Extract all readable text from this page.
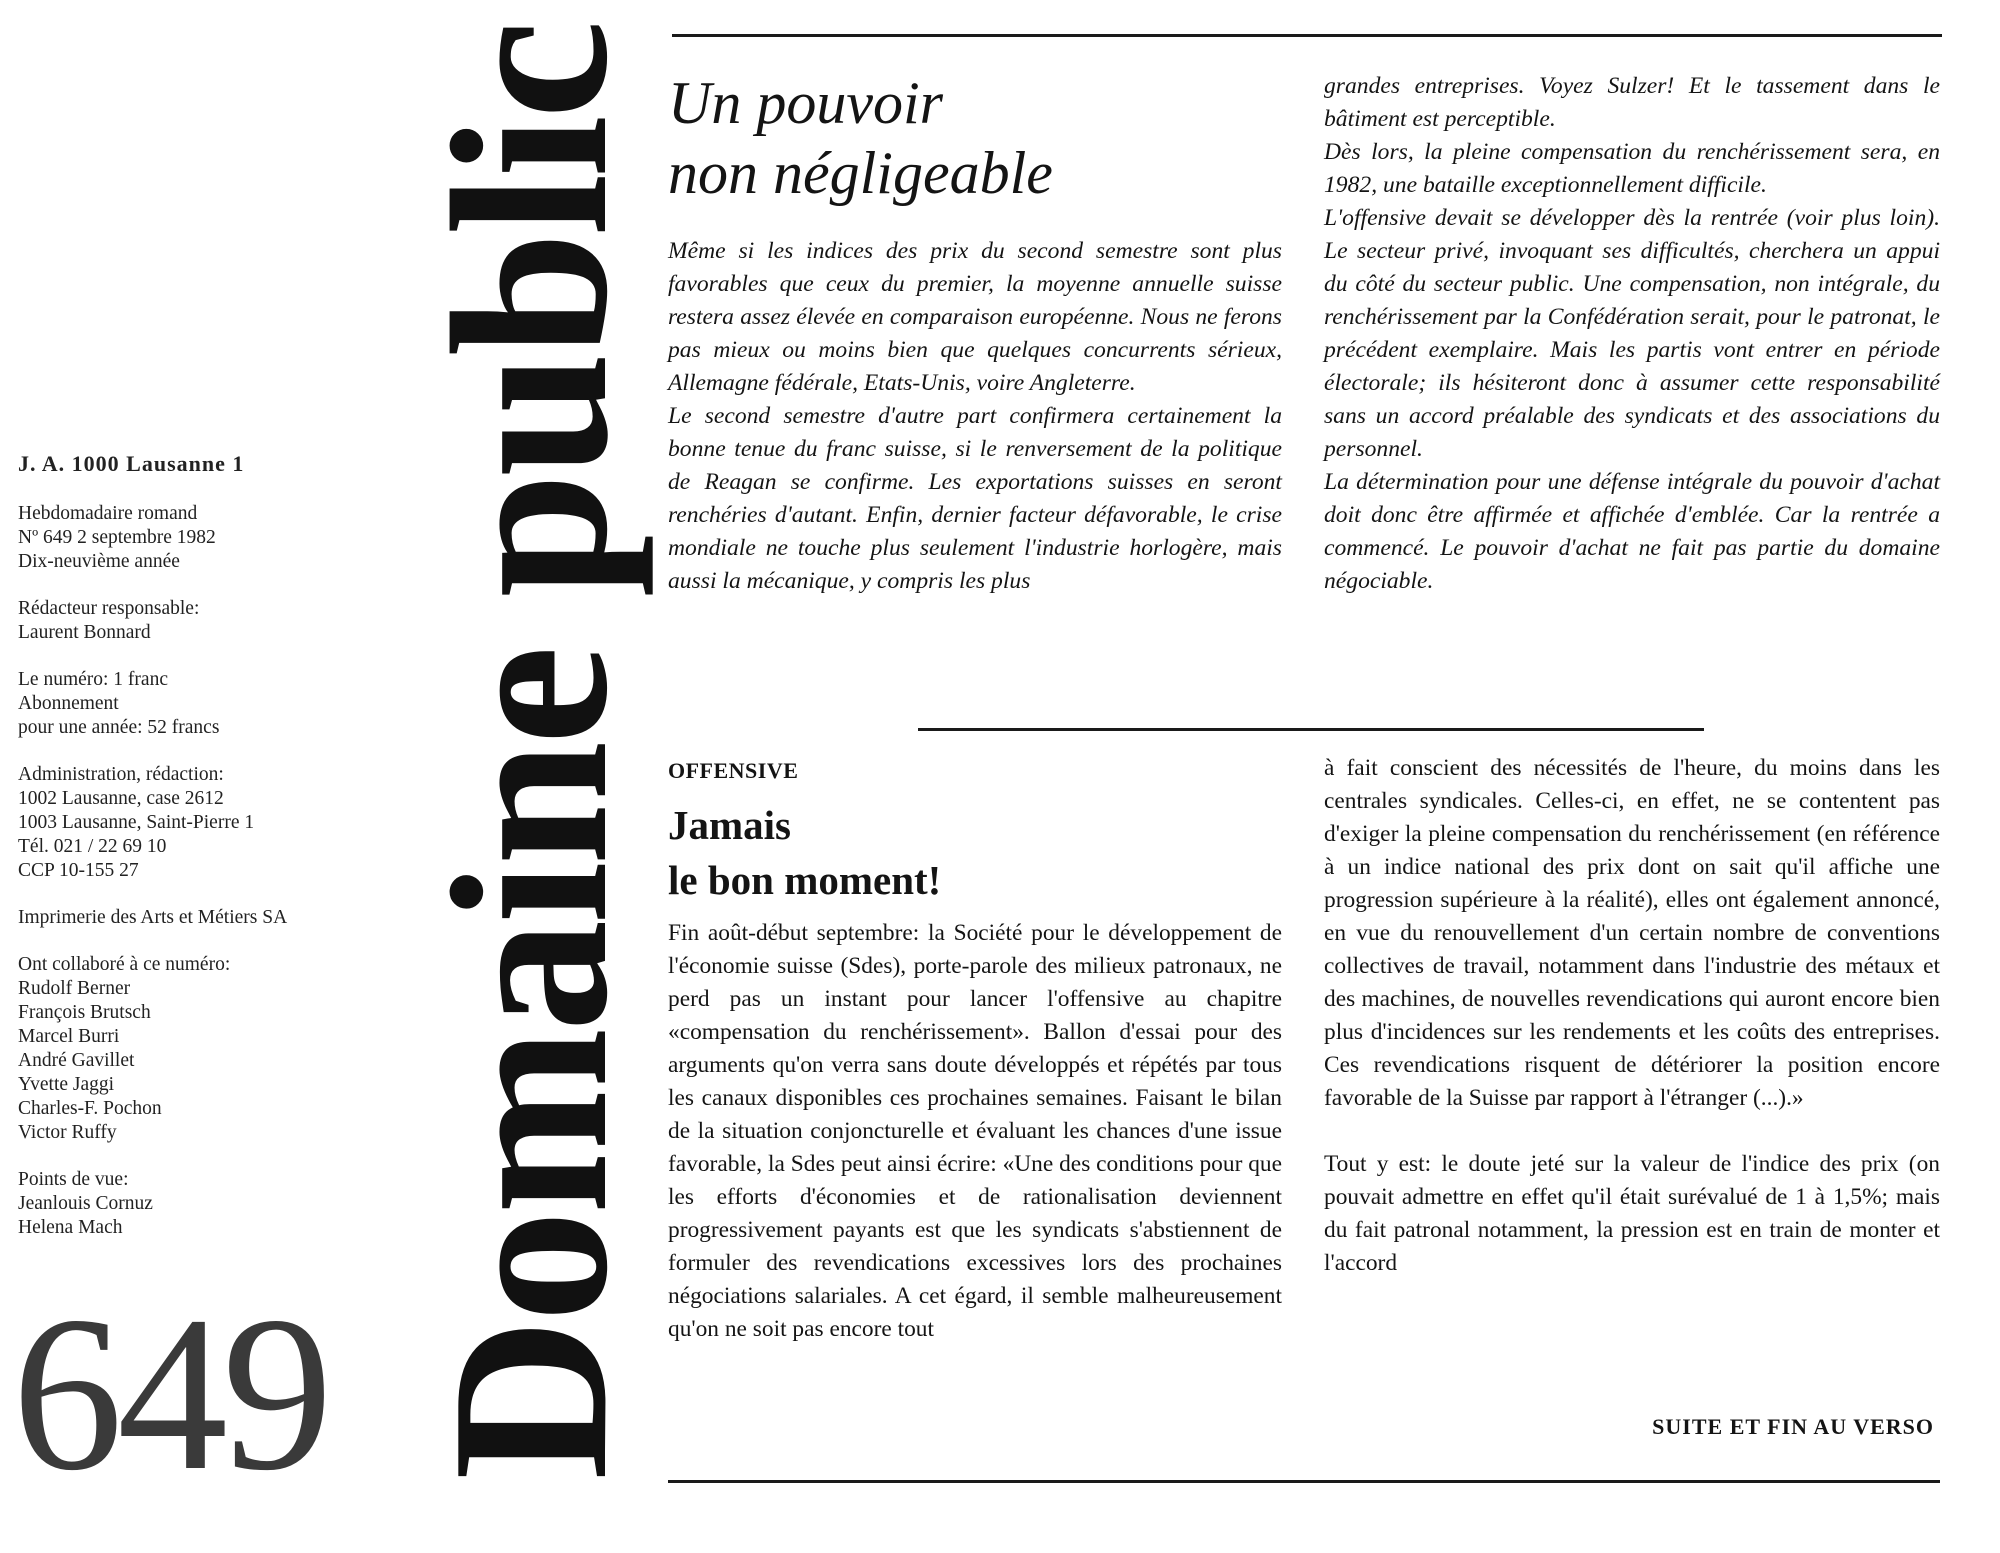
J. A. 1000 Lausanne 1

Hebdomadaire romand
Nº 649 2 septembre 1982
Dix-neuvième année

Rédacteur responsable:
Laurent Bonnard

Le numéro: 1 franc
Abonnement
pour une année: 52 francs

Administration, rédaction:
1002 Lausanne, case 2612
1003 Lausanne, Saint-Pierre 1
Tél. 021 / 22 69 10
CCP 10-155 27

Imprimerie des Arts et Métiers SA

Ont collaboré à ce numéro:
Rudolf Berner
François Brutsch
Marcel Burri
André Gavillet
Yvette Jaggi
Charles-F. Pochon
Victor Ruffy

Points de vue:
Jeanlouis Cornuz
Helena Mach

649 Domaine public Un pouvoir
non négligeable

Même si les indices des prix du second semestre sont plus favorables que ceux du premier, la moyenne annuelle suisse restera assez élevée en comparaison européenne. Nous ne ferons pas mieux ou moins bien que quelques concurrents sérieux, Allemagne fédérale, Etats-Unis, voire Angleterre.

Le second semestre d'autre part confirmera certainement la bonne tenue du franc suisse, si le renversement de la politique de Reagan se confirme. Les exportations suisses en seront renchéries d'autant. Enfin, dernier facteur défavorable, le crise mondiale ne touche plus seulement l'industrie horlogère, mais aussi la mécanique, y compris les plus

grandes entreprises. Voyez Sulzer! Et le tassement dans le bâtiment est perceptible.

Dès lors, la pleine compensation du renchérissement sera, en 1982, une bataille exceptionnellement difficile.

L'offensive devait se développer dès la rentrée (voir plus loin). Le secteur privé, invoquant ses difficultés, cherchera un appui du côté du secteur public. Une compensation, non intégrale, du renchérissement par la Confédération serait, pour le patronat, le précédent exemplaire. Mais les partis vont entrer en période électorale; ils hésiteront donc à assumer cette responsabilité sans un accord préalable des syndicats et des associations du personnel.

La détermination pour une défense intégrale du pouvoir d'achat doit donc être affirmée et affichée d'emblée. Car la rentrée a commencé. Le pouvoir d'achat ne fait pas partie du domaine négociable.

OFFENSIVE
Jamais
le bon moment!

Fin août-début septembre: la Société pour le développement de l'économie suisse (Sdes), porte-parole des milieux patronaux, ne perd pas un instant pour lancer l'offensive au chapitre «compensation du renchérissement». Ballon d'essai pour des arguments qu'on verra sans doute développés et répétés par tous les canaux disponibles ces prochaines semaines. Faisant le bilan de la situation conjoncturelle et évaluant les chances d'une issue favorable, la Sdes peut ainsi écrire: «Une des conditions pour que les efforts d'économies et de rationalisation deviennent progressivement payants est que les syndicats s'abstiennent de formuler des revendications excessives lors des prochaines négociations salariales. A cet égard, il semble malheureusement qu'on ne soit pas encore tout

à fait conscient des nécessités de l'heure, du moins dans les centrales syndicales. Celles-ci, en effet, ne se contentent pas d'exiger la pleine compensation du renchérissement (en référence à un indice national des prix dont on sait qu'il affiche une progression supérieure à la réalité), elles ont également annoncé, en vue du renouvellement d'un certain nombre de conventions collectives de travail, notamment dans l'industrie des métaux et des machines, de nouvelles revendications qui auront encore bien plus d'incidences sur les rendements et les coûts des entreprises. Ces revendications risquent de détériorer la position encore favorable de la Suisse par rapport à l'étranger (...).»

Tout y est: le doute jeté sur la valeur de l'indice des prix (on pouvait admettre en effet qu'il était surévalué de 1 à 1,5%; mais du fait patronal notamment, la pression est en train de monter et l'accord

SUITE ET FIN AU VERSO
